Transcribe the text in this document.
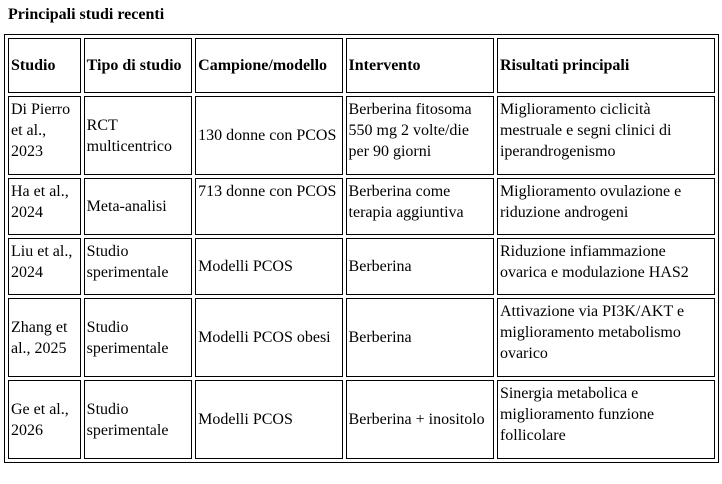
Principali studi recenti
Studio	Tipo di studio	Campione/modello	Intervento	Risultati principali
Di Pierro et al., 2023	RCT multicentrico	130 donne con PCOS	Berberina fitosoma 550 mg 2 volte/die per 90 giorni	Miglioramento ciclicità mestruale e segni clinici di iperandrogenismo
Ha et al., 2024	Meta-analisi	713 donne con PCOS	Berberina come terapia aggiuntiva	Miglioramento ovulazione e riduzione androgeni
Liu et al., 2024	Studio sperimentale	Modelli PCOS	Berberina	Riduzione infiammazione ovarica e modulazione HAS2
Zhang et al., 2025	Studio sperimentale	Modelli PCOS obesi	Berberina	Attivazione via PI3K/AKT e miglioramento metabolismo ovarico
Ge et al., 2026	Studio sperimentale	Modelli PCOS	Berberina + inositolo	Sinergia metabolica e miglioramento funzione follicolare
